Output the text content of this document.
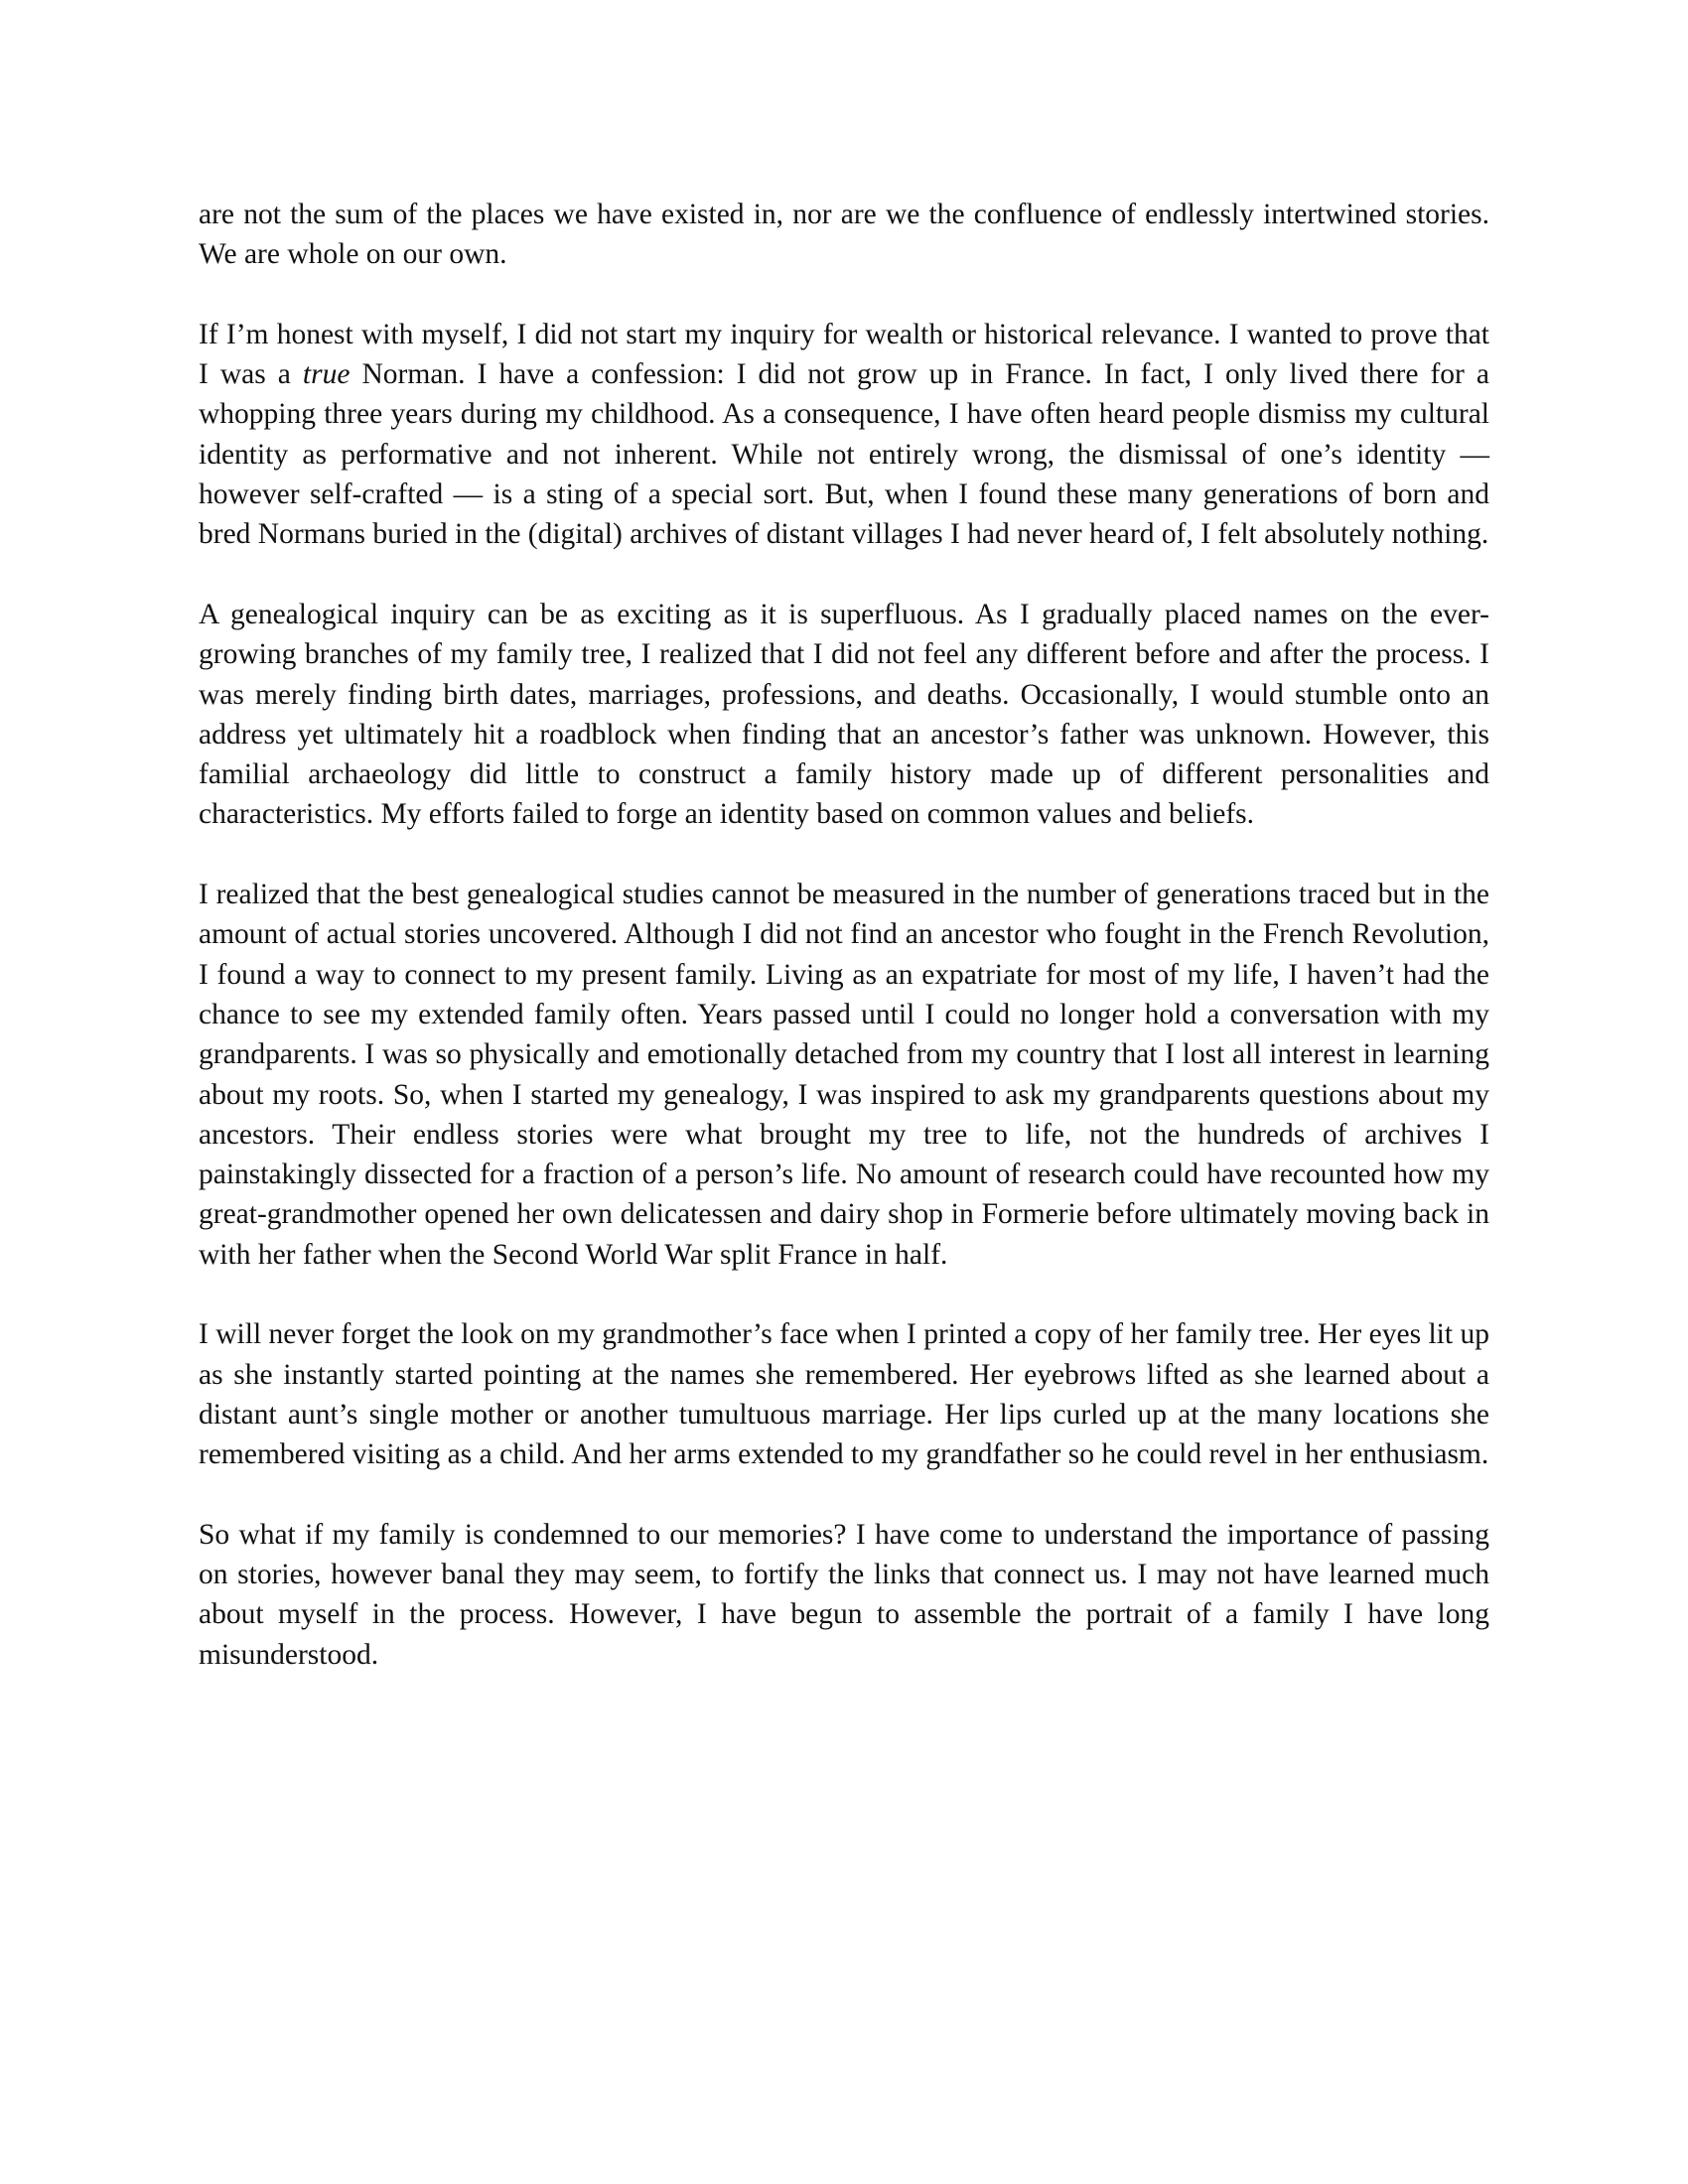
are not the sum of the places we have existed in, nor are we the confluence of endlessly intertwined stories. We are whole on our own.

If I’m honest with myself, I did not start my inquiry for wealth or historical relevance. I wanted to prove that I was a true Norman. I have a confession: I did not grow up in France. In fact, I only lived there for a whopping three years during my childhood. As a consequence, I have often heard people dismiss my cultural identity as performative and not inherent. While not entirely wrong, the dismissal of one’s identity — however self-crafted — is a sting of a special sort. But, when I found these many generations of born and bred Normans buried in the (digital) archives of distant villages I had never heard of, I felt absolutely nothing.

A genealogical inquiry can be as exciting as it is superfluous. As I gradually placed names on the ever-growing branches of my family tree, I realized that I did not feel any different before and after the process. I was merely finding birth dates, marriages, professions, and deaths. Occasionally, I would stumble onto an address yet ultimately hit a roadblock when finding that an ancestor’s father was unknown. However, this familial archaeology did little to construct a family history made up of different personalities and characteristics. My efforts failed to forge an identity based on common values and beliefs.

I realized that the best genealogical studies cannot be measured in the number of generations traced but in the amount of actual stories uncovered. Although I did not find an ancestor who fought in the French Revolution, I found a way to connect to my present family. Living as an expatriate for most of my life, I haven’t had the chance to see my extended family often. Years passed until I could no longer hold a conversation with my grandparents. I was so physically and emotionally detached from my country that I lost all interest in learning about my roots. So, when I started my genealogy, I was inspired to ask my grandparents questions about my ancestors. Their endless stories were what brought my tree to life, not the hundreds of archives I painstakingly dissected for a fraction of a person’s life. No amount of research could have recounted how my great-grandmother opened her own delicatessen and dairy shop in Formerie before ultimately moving back in with her father when the Second World War split France in half.

I will never forget the look on my grandmother’s face when I printed a copy of her family tree. Her eyes lit up as she instantly started pointing at the names she remembered. Her eyebrows lifted as she learned about a distant aunt’s single mother or another tumultuous marriage. Her lips curled up at the many locations she remembered visiting as a child. And her arms extended to my grandfather so he could revel in her enthusiasm.

So what if my family is condemned to our memories? I have come to understand the importance of passing on stories, however banal they may seem, to fortify the links that connect us. I may not have learned much about myself in the process. However, I have begun to assemble the portrait of a family I have long misunderstood.
